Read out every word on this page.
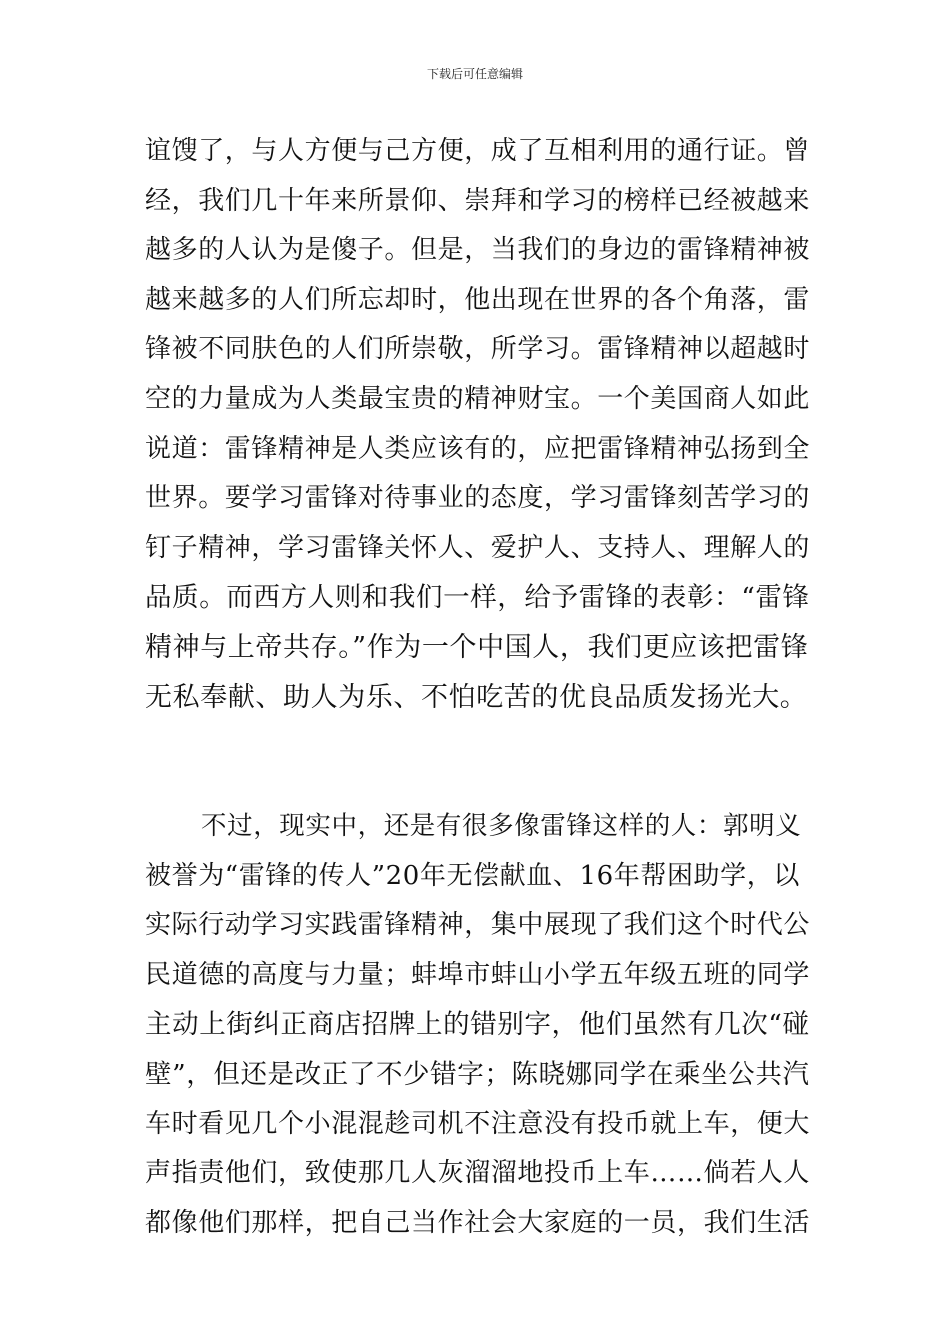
下载后可任意编辑
谊馊了，与人方便与己方便，成了互相利用的通行证。曾
经，我们几十年来所景仰、崇拜和学习的榜样已经被越来
越多的人认为是傻子。但是，当我们的身边的雷锋精神被
越来越多的人们所忘却时，他出现在世界的各个角落，雷
锋被不同肤色的人们所崇敬，所学习。雷锋精神以超越时
空的力量成为人类最宝贵的精神财宝。一个美国商人如此
说道：雷锋精神是人类应该有的，应把雷锋精神弘扬到全
世界。要学习雷锋对待事业的态度，学习雷锋刻苦学习的
钉子精神，学习雷锋关怀人、爱护人、支持人、理解人的
品质。而西方人则和我们一样，给予雷锋的表彰：“雷锋
精神与上帝共存。”作为一个中国人，我们更应该把雷锋
无私奉献、助人为乐、不怕吃苦的优良品质发扬光大。
不过，现实中，还是有很多像雷锋这样的人：郭明义
被誉为“雷锋的传人”20年无偿献血、16年帮困助学，以
实际行动学习实践雷锋精神，集中展现了我们这个时代公
民道德的高度与力量；蚌埠市蚌山小学五年级五班的同学
主动上街纠正商店招牌上的错别字，他们虽然有几次“碰
壁”，但还是改正了不少错字；陈晓娜同学在乘坐公共汽
车时看见几个小混混趁司机不注意没有投币就上车，便大
声指责他们，致使那几人灰溜溜地投币上车……倘若人人
都像他们那样，把自己当作社会大家庭的一员，我们生活
